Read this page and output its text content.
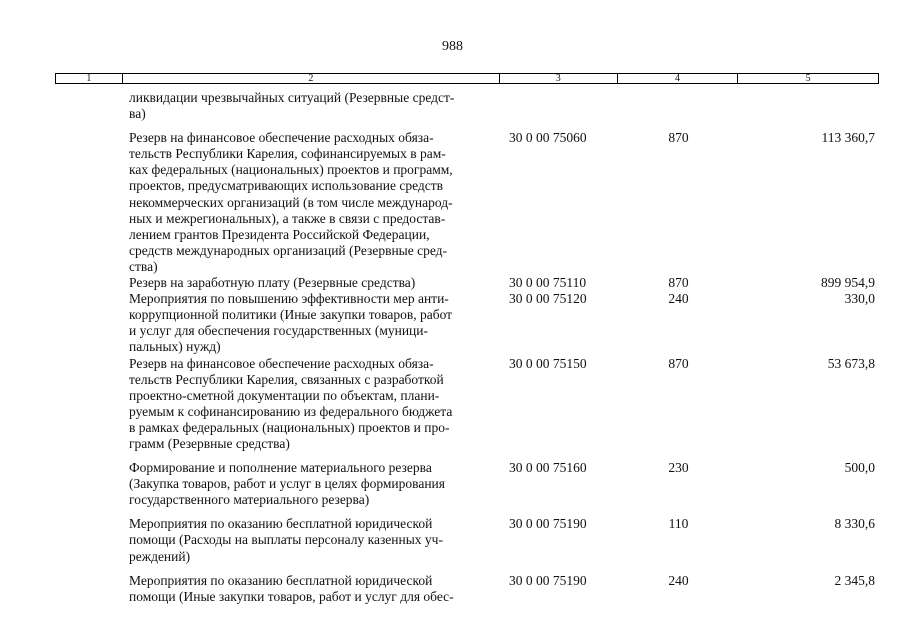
988
1	2	3	4	5
ликвидации чрезвычайных ситуаций (Резервные средст-
ва)
Резерв на финансовое обеспечение расходных обяза-
тельств Республики Карелия, софинансируемых в рам-
ках федеральных (национальных) проектов и программ,
проектов, предусматривающих использование средств
некоммерческих организаций (в том числе международ-
ных и межрегиональных), а также в связи с предостав-
лением грантов Президента Российской Федерации,
средств международных организаций (Резервные сред-
ства)
30 0 00 75060	870	113 360,7
Резерв на заработную плату (Резервные средства)	30 0 00 75110	870	899 954,9
Мероприятия по повышению эффективности мер анти-
коррупционной политики (Иные закупки товаров, работ
и услуг для обеспечения государственных (муници-
пальных) нужд)
30 0 00 75120	240	330,0
Резерв на финансовое обеспечение расходных обяза-
тельств Республики Карелия, связанных с разработкой
проектно-сметной документации по объектам, плани-
руемым к софинансированию из федерального бюджета
в рамках федеральных (национальных) проектов и про-
грамм (Резервные средства)
30 0 00 75150	870	53 673,8
Формирование и пополнение материального резерва
(Закупка товаров, работ и услуг в целях формирования
государственного материального резерва)
30 0 00 75160	230	500,0
Мероприятия по оказанию бесплатной юридической
помощи (Расходы на выплаты персоналу казенных уч-
реждений)
30 0 00 75190	110	8 330,6
Мероприятия по оказанию бесплатной юридической
помощи (Иные закупки товаров, работ и услуг для обес-
30 0 00 75190	240	2 345,8
